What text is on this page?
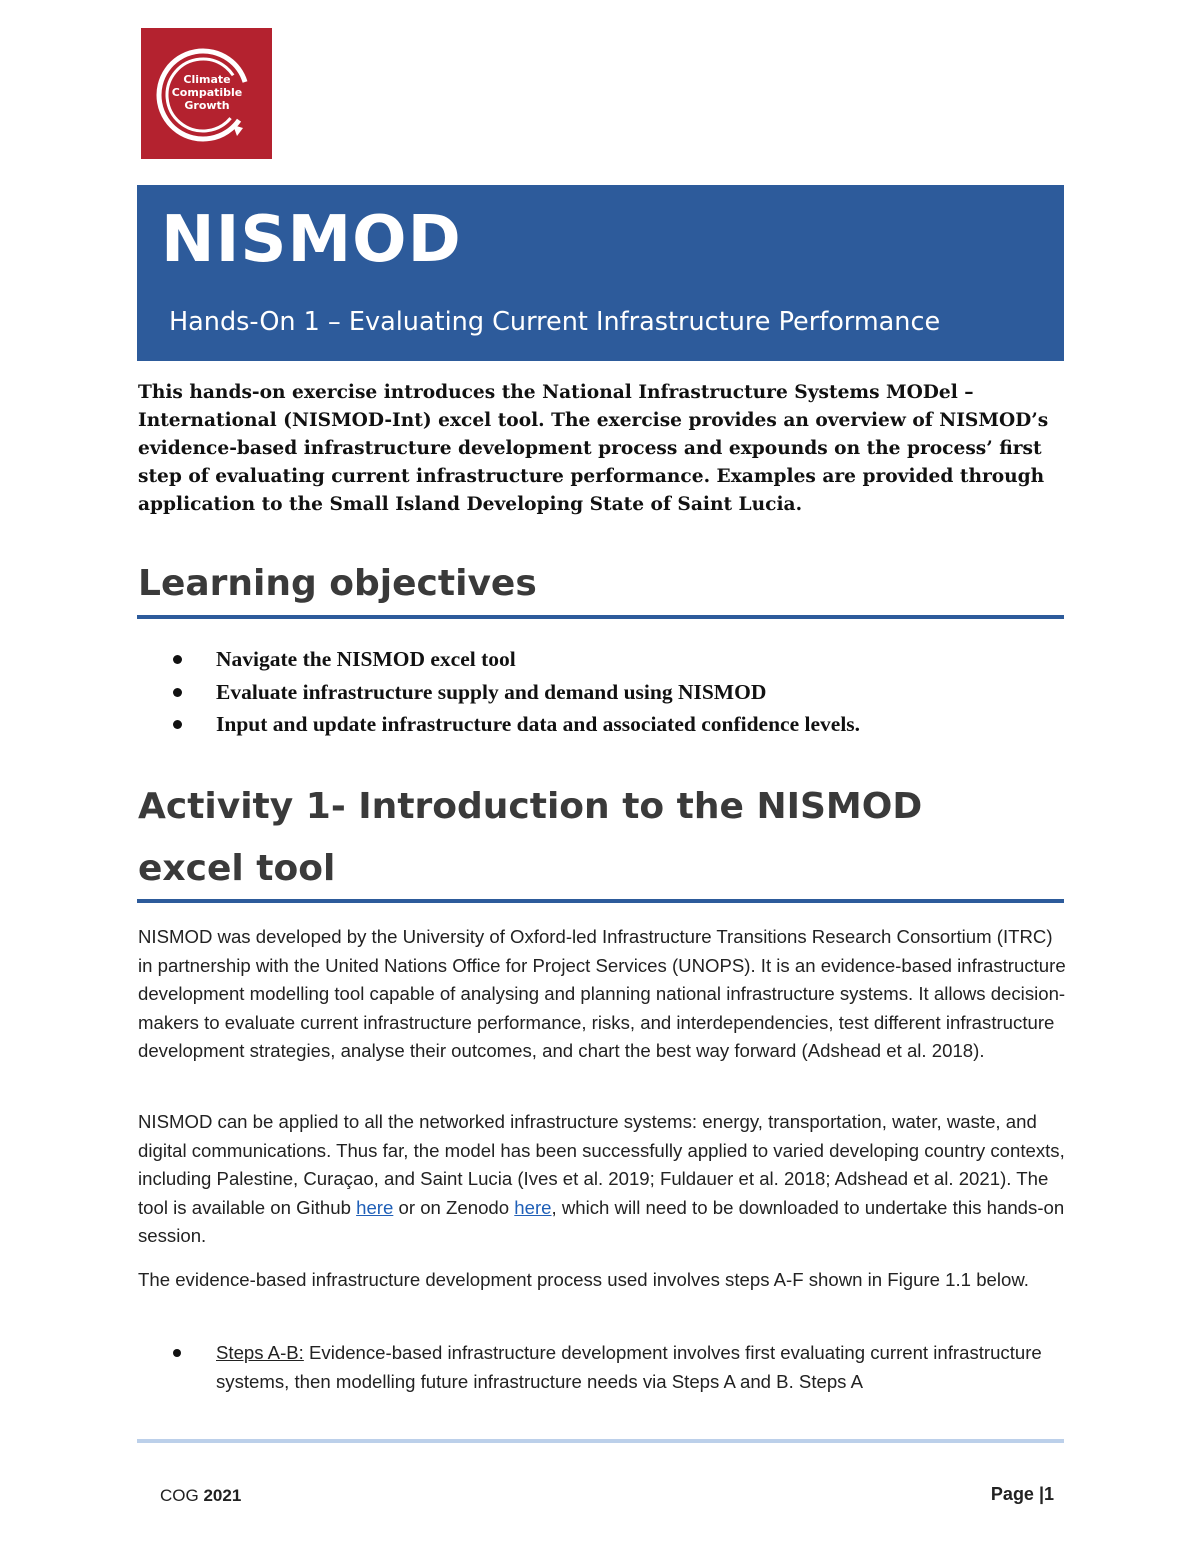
Climate
Compatible
Growth
NISMOD
Hands-On 1 – Evaluating Current Infrastructure Performance

This hands-on exercise introduces the National Infrastructure Systems MODel – International (NISMOD-Int) excel tool. The exercise provides an overview of NISMOD’s evidence-based infrastructure development process and expounds on the process’ first step of evaluating current infrastructure performance. Examples are provided through application to the Small Island Developing State of Saint Lucia.

Learning objectives
Navigate the NISMOD excel tool
Evaluate infrastructure supply and demand using NISMOD
Input and update infrastructure data and associated confidence levels.
Activity 1- Introduction to the NISMOD excel tool

NISMOD was developed by the University of Oxford-led Infrastructure Transitions Research Consortium (ITRC) in partnership with the United Nations Office for Project Services (UNOPS). It is an evidence-based infrastructure development modelling tool capable of analysing and planning national infrastructure systems. It allows decision-makers to evaluate current infrastructure performance, risks, and interdependencies, test different infrastructure development strategies, analyse their outcomes, and chart the best way forward (Adshead et al. 2018).

NISMOD can be applied to all the networked infrastructure systems: energy, transportation, water, waste, and digital communications. Thus far, the model has been successfully applied to varied developing country contexts, including Palestine, Curaçao, and Saint Lucia (Ives et al. 2019; Fuldauer et al. 2018; Adshead et al. 2021). The tool is available on Github here or on Zenodo here, which will need to be downloaded to undertake this hands-on session.

The evidence-based infrastructure development process used involves steps A-F shown in Figure 1.1 below.

Steps A-B: Evidence-based infrastructure development involves first evaluating current infrastructure systems, then modelling future infrastructure needs via Steps A and B. Steps A
COG 2021	Page |1
